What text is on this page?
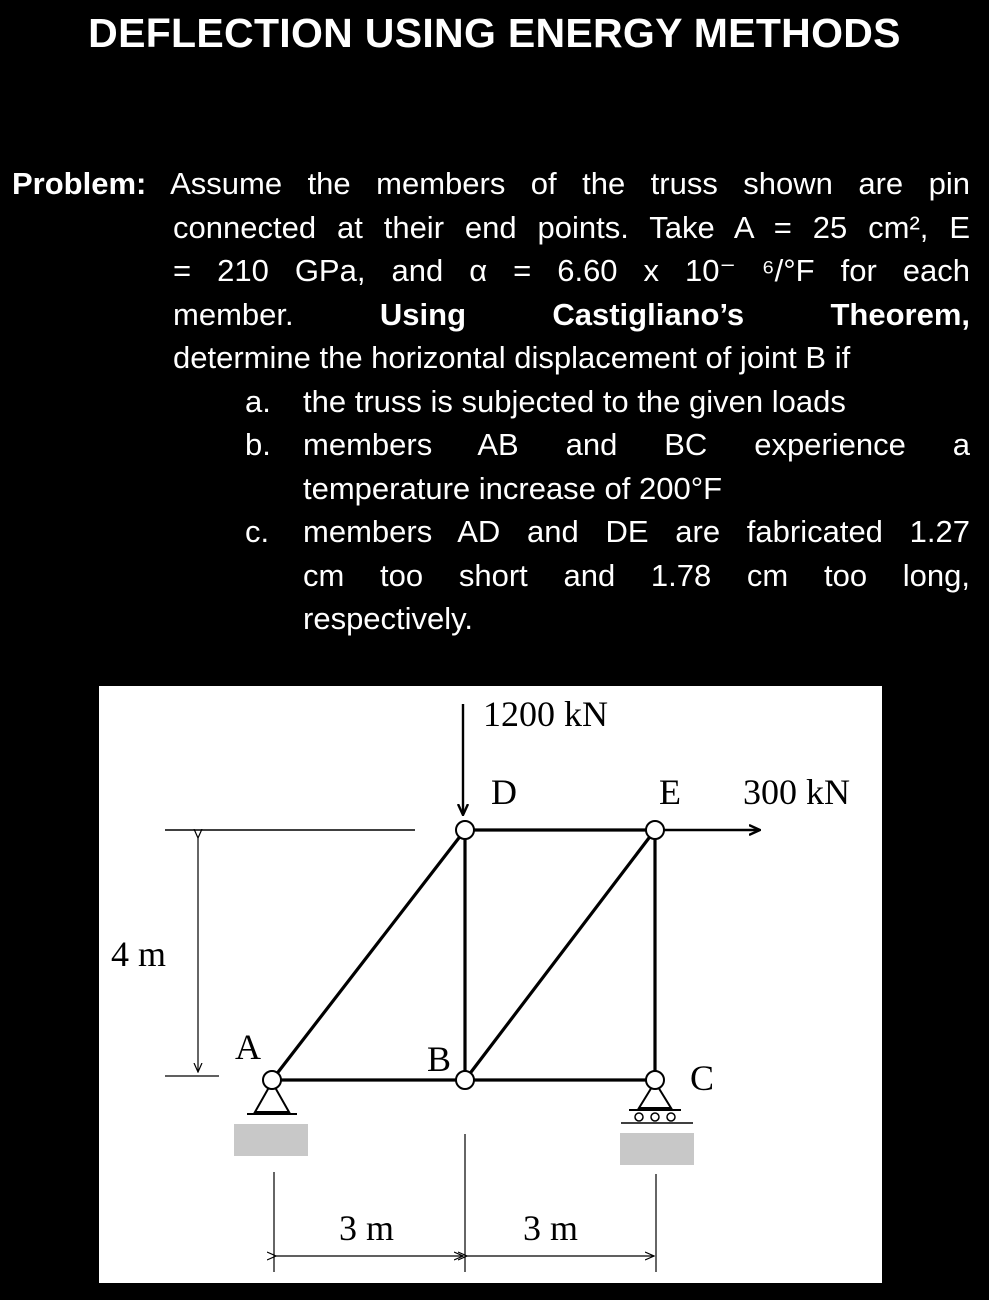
DEFLECTION USING ENERGY METHODS
Problem: Assume the members of the truss shown are pin
connected at their end points. Take A = 25 cm², E
= 210 GPa, and α = 6.60 x 10⁻ ⁶/°F for each
member.	Using	Castigliano’s	Theorem,
determine the horizontal displacement of joint B if
a.	the truss is subjected to the given loads
b.	members AB and BC experience a
temperature increase of 200°F
c.	members AD and DE are fabricated 1.27
cm too short and 1.78 cm too long,
respectively.
1200 kN
D	E 300 kN
4 m
A	B	C
3 m	3 m
